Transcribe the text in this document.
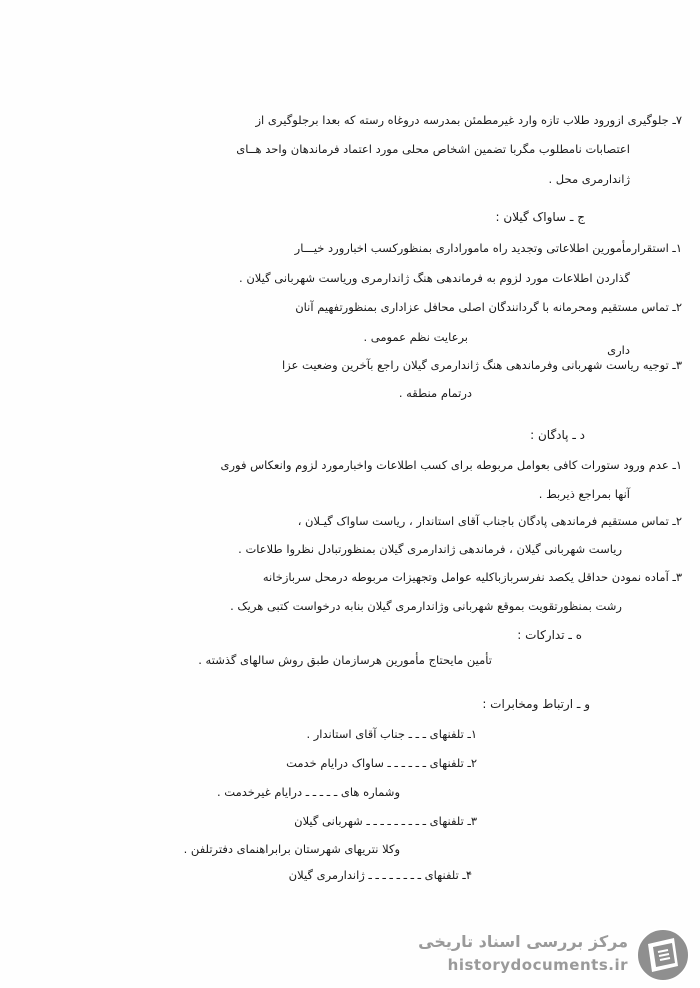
۷ـ جلوگیری ازورود طلاب تازه وارد غیرمطمئن بمدرسه دروغاه رسته که بعدا برجلوگیری از
اعتصابات نامطلوب مگربا تضمین اشخاص محلی مورد اعتماد فرماندهان واحد هــای
ژاندارمری محل .
ج ـ ساواک گیلان :
۱ـ استقرارمأمورین اطلاعاتی وتجدید راه ماموراداری بمنظورکسب اخبارورد خیـــار
گذاردن اطلاعات مورد لزوم به فرماندهی هنگ ژاندارمری وریاست شهربانی گیلان .
۲ـ تماس مستقیم ومحرمانه با گردانندگان اصلی محافل عزاداری بمنظورتفهیم آنان
برعایت نظم عمومی .
داری
۳ـ توجیه ریاست شهربانی وفرماندهی هنگ ژاندارمری گیلان راجع بآخرین وضعیت عزا
درتمام منطقه .
د ـ پادگان :
۱ـ عدم ورود ستورات کافی بعوامل مربوطه برای کسب اطلاعات واخبارمورد لزوم وانعکاس فوری
آنها بمراجع ذیربط .
۲ـ تماس مستقیم فرماندهی پادگان باجناب آقای استاندار ، ریاست ساواک گیـلان ،
ریاست شهربانی گیلان ، فرماندهی ژاندارمری گیلان بمنظورتبادل نظروا طلاعات .
۳ـ آماده نمودن حداقل یکصد نفرسربازباکلیه عوامل وتجهیزات مربوطه درمحل سربازخانه
رشت بمنظورتقویت بموقع شهربانی وژاندارمری گیلان بنابه درخواست کتبی هریک .
ه ـ تدارکات :
تأمین مایحتاج مأمورین هرسازمان طبق روش سالهای گذشته .
و ـ ارتباط ومخابرات :
۱ـ تلفنهای ـ ـ ـ جناب آقای استاندار .
۲ـ تلفنهای ـ ـ ـ ـ ـ ـ ساواک درایام خدمت
وشماره های ـ ـ ـ ـ ـ درایام غیرخدمت .
۳ـ تلفنهای ـ ـ ـ ـ ـ ـ ـ ـ ـ شهربانی گیلان
وکلا نتریهای شهرستان برابراهنمای دفترتلفن .
۴ـ تلفنهای ـ ـ ـ ـ ـ ـ ـ ـ ژاندارمری گیلان
مرکز بررسی اسناد تاریخی
historydocuments.ir
